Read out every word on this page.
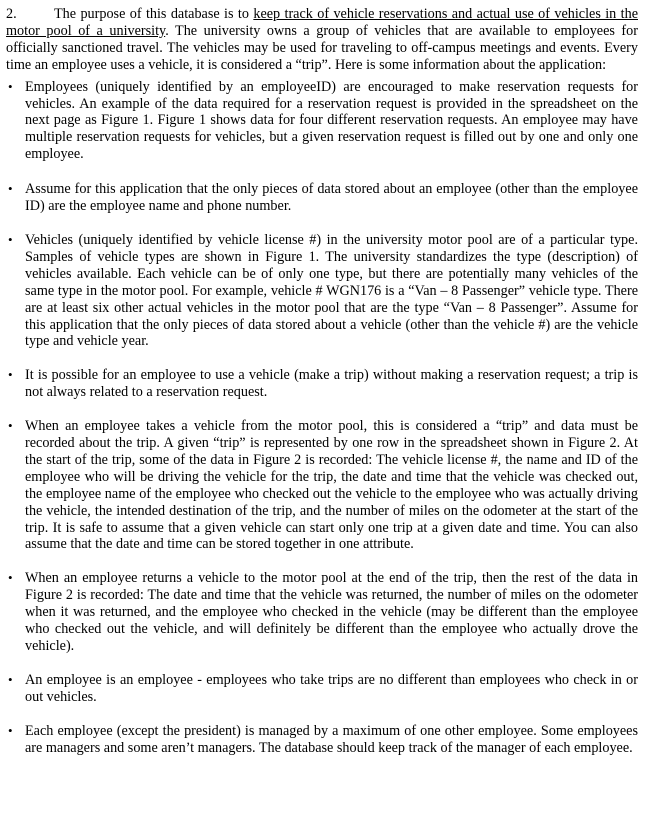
2.	The purpose of this database is to keep track of vehicle reservations and actual use of vehicles in the motor pool of a university. The university owns a group of vehicles that are available to employees for officially sanctioned travel. The vehicles may be used for traveling to off-campus meetings and events. Every time an employee uses a vehicle, it is considered a “trip”. Here is some information about the application:

• Employees (uniquely identified by an employeeID) are encouraged to make reservation requests for vehicles. An example of the data required for a reservation request is provided in the spreadsheet on the next page as Figure 1. Figure 1 shows data for four different reservation requests. An employee may have multiple reservation requests for vehicles, but a given reservation request is filled out by one and only one employee.
• Assume for this application that the only pieces of data stored about an employee (other than the employee ID) are the employee name and phone number.
• Vehicles (uniquely identified by vehicle license #) in the university motor pool are of a particular type. Samples of vehicle types are shown in Figure 1. The university standardizes the type (description) of vehicles available. Each vehicle can be of only one type, but there are potentially many vehicles of the same type in the motor pool. For example, vehicle # WGN176 is a “Van – 8 Passenger” vehicle type. There are at least six other actual vehicles in the motor pool that are the type “Van – 8 Passenger”. Assume for this application that the only pieces of data stored about a vehicle (other than the vehicle #) are the vehicle type and vehicle year.
• It is possible for an employee to use a vehicle (make a trip) without making a reservation request; a trip is not always related to a reservation request.
• When an employee takes a vehicle from the motor pool, this is considered a “trip” and data must be recorded about the trip. A given “trip” is represented by one row in the spreadsheet shown in Figure 2. At the start of the trip, some of the data in Figure 2 is recorded: The vehicle license #, the name and ID of the employee who will be driving the vehicle for the trip, the date and time that the vehicle was checked out, the employee name of the employee who checked out the vehicle to the employee who was actually driving the vehicle, the intended destination of the trip, and the number of miles on the odometer at the start of the trip. It is safe to assume that a given vehicle can start only one trip at a given date and time. You can also assume that the date and time can be stored together in one attribute.
• When an employee returns a vehicle to the motor pool at the end of the trip, then the rest of the data in Figure 2 is recorded: The date and time that the vehicle was returned, the number of miles on the odometer when it was returned, and the employee who checked in the vehicle (may be different than the employee who checked out the vehicle, and will definitely be different than the employee who actually drove the vehicle).
• An employee is an employee - employees who take trips are no different than employees who check in or out vehicles.
• Each employee (except the president) is managed by a maximum of one other employee. Some employees are managers and some aren’t managers. The database should keep track of the manager of each employee.
